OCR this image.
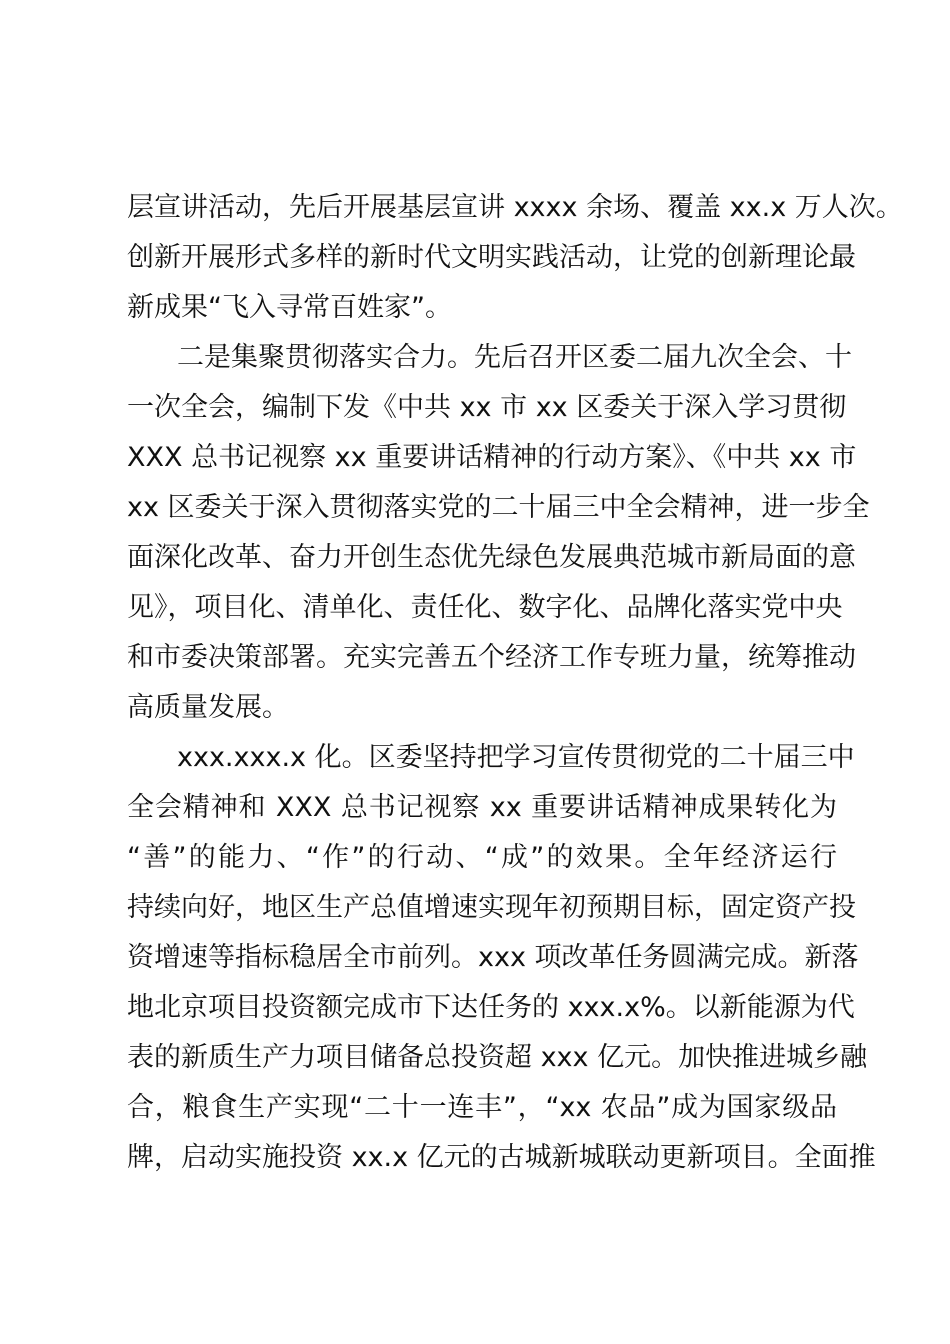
层宣讲活动，先后开展基层宣讲 xxxx 余场、覆盖 xx.x 万人次。
创新开展形式多样的新时代文明实践活动，让党的创新理论最
新成果“飞入寻常百姓家”。
二是集聚贯彻落实合力。先后召开区委二届九次全会、十
一次全会，编制下发《中共 xx 市 xx 区委关于深入学习贯彻
XXX 总书记视察 xx 重要讲话精神的行动方案》、《中共 xx 市
xx 区委关于深入贯彻落实党的二十届三中全会精神，进一步全
面深化改革、奋力开创生态优先绿色发展典范城市新局面的意
见》，项目化、清单化、责任化、数字化、品牌化落实党中央
和市委决策部署。充实完善五个经济工作专班力量，统筹推动
高质量发展。
xxx.xxx.x 化。区委坚持把学习宣传贯彻党的二十届三中
全会精神和 XXX 总书记视察 xx 重要讲话精神成果转化为
“善”的能力、“作”的行动、“成”的效果。全年经济运行
持续向好，地区生产总值增速实现年初预期目标，固定资产投
资增速等指标稳居全市前列。xxx 项改革任务圆满完成。新落
地北京项目投资额完成市下达任务的 xxx.x%。以新能源为代
表的新质生产力项目储备总投资超 xxx 亿元。加快推进城乡融
合，粮食生产实现“二十一连丰”，“xx 农品”成为国家级品
牌，启动实施投资 xx.x 亿元的古城新城联动更新项目。全面推
